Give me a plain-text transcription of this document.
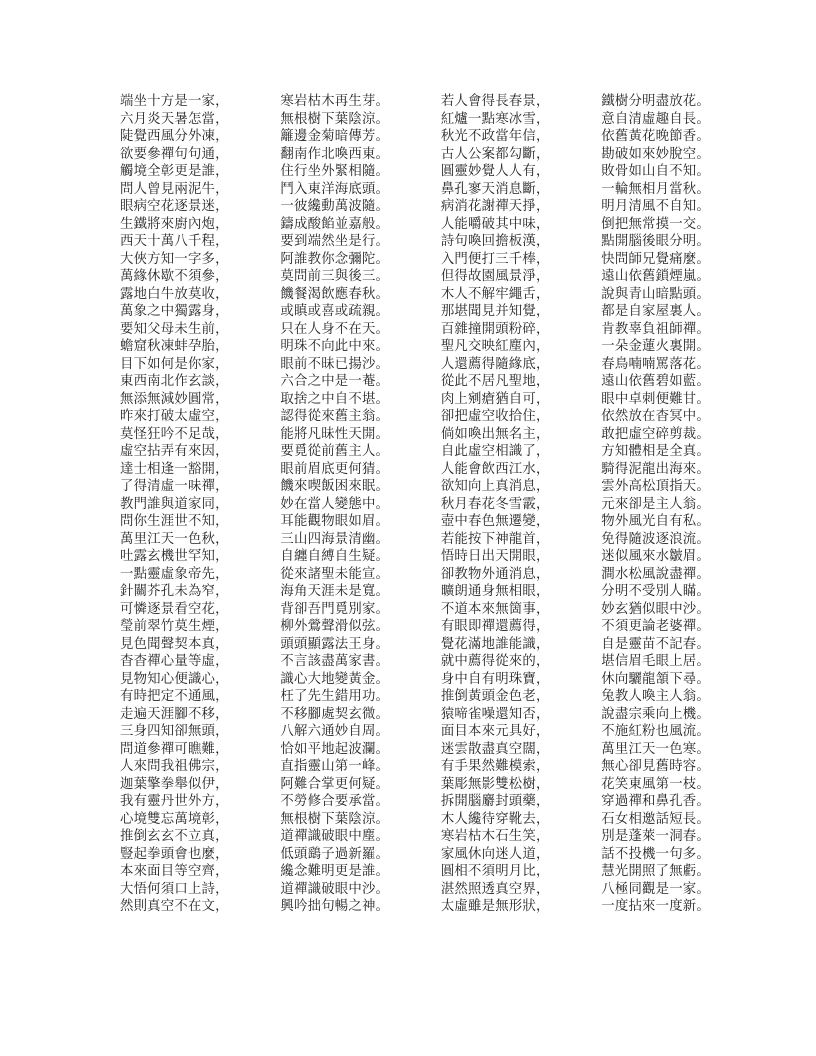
端坐十方是一家，	寒岩枯木再生芽。	若人會得長春景，	鐵樹分明盡放花。
六月炎天暑怎當，	無根樹下葉陰涼。	紅爐一點寒冰雪，	意自清虛趣自長。
陡覺西風分外凍，	籬邊金菊暗傳芳。	秋光不政當年信，	依舊黃花晚節香。
欲要參禪句句通，	翻南作北喚西東。	古人公案都勾斷，	勘破如來妙脫空。
觸境全彰更是誰，	住行坐外緊相隨。	圓靈妙覺人人有，	敗骨如山自不知。
問人曾見兩泥牛，	鬥入東洋海底頭。	鼻孔寥天消息斷，	一輪無相月當秋。
眼病空花逐景迷，	一彼纔動萬波隨。	病消花謝禪天掙，	明月清風不自知。
生鐵將來廚內炮，	鑄成酸餡並嘉般。	人能嚼破其中味，	倒把無常摸一交。
西天十萬八千程，	要到端然坐是行。	詩句喚回擔板漢，	點開腦後眼分明。
大俠方知一字多，	阿誰教你念彌陀。	入門便打三千棒，	快問師兄覺痛麼。
萬緣休歇不須參，	莫問前三與後三。	但得故園風景淨，	遠山依舊鎖煙嵐。
露地白牛放莫收，	饑餐渴飲應春秋。	木人不解牢繩舌，	說與青山暗點頭。
萬象之中獨露身，	或瞋或喜或疏親。	那堪聞見并知覺，	都是自家屋裏人。
要知父母未生前，	只在人身不在天。	百雜撞開頭粉碎，	肯教辜負祖師禪。
蟾窟秋凍蚌孕胎，	明珠不向此中來。	聖凡交映紅塵內，	一朵金蓮火裏開。
目下如何是你家，	眼前不昧已揚沙。	人還薦得隨緣底，	春鳥喃喃罵落花。
東西南北作玄談，	六合之中是一菴。	從此不居凡聖地，	遠山依舊碧如藍。
無添無減妙圓常，	取捨之中自不堪。	肉上剜瘡猶自可，	眼中卓刺便難甘。
昨來打破太虛空，	認得從來舊主翁。	卻把虛空收拾住，	依然放在杳冥中。
莫怪狂吟不足哉，	能將凡昧性天開。	倘如喚出無名主，	敢把虛空碎剪裁。
虛空拈弄有來因，	要覓從前舊主人。	自此虛空相識了，	方知體相是全真。
達士相逢一豁開，	眼前眉底更何猜。	人能會飲西江水，	騎得泥龍出海來。
了得清虛一味禪，	饑來喫飯困來眠。	欲知向上真消息，	雲外高松頂指天。
教門誰與道家同，	妙在當人變態中。	秋月春花冬雪霰，	元來卻是主人翁。
問你生涯世不知，	耳能觀物眼如眉。	壺中春色無遷變，	物外風光自有私。
萬里江天一色秋，	三山四海景清幽。	若能按下神龍首，	免得隨波逐浪流。
吐露玄機世罕知，	自纏自縛自生疑。	悟時日出天開眼，	迷似風來水皺眉。
一點靈虛象帝先，	從來諸聖未能宣。	卻教物外通消息，	澗水松風說盡禪。
針關芥孔未為窄，	海角天涯未是寬。	曠朗通身無相眼，	分明不受別人瞞。
可憐逐景看空花，	背卻吾門覓別家。	不道本來無箇事，	妙玄猶似眼中沙。
瑩前翠竹莫生煙，	柳外鶯聲滑似弦。	有眼即禪還薦得，	不須更論老婆禪。
見色聞聲契本真，	頭頭顯露法王身。	覺花滿地誰能識，	自是靈苗不記春。
杳杳禪心量等虛，	不言該盡萬家書。	就中薦得從來的，	堪信眉毛眼上居。
見物知心便識心，	識心大地變黃金。	身中自有明珠寶，	休向驪龍頷下尋。
有時把定不通風，	枉了先生錯用功。	推倒黃頭金色老，	兔教人喚主人翁。
走遍天涯腳不移，	不移腳處契玄微。	猿啼雀噪還知否，	說盡宗乘向上機。
三身四知卻無頭，	八解六通妙自周。	面目本來元具好，	不施紅粉也風流。
問道參禪可瞧難，	恰如平地起波瀾。	迷雲散盡真空闊，	萬里江天一色寒。
人來問我祖佛宗，	直指靈山第一峰。	有手果然難模索，	無心卻見舊時容。
迦葉擎拳舉似伊，	阿難合掌更何疑。	葉彫無影雙松樹，	花笑東風第一枝。
我有靈丹世外方，	不勞修合要承當。	拆開腦麝封頭藥，	穿過禪和鼻孔香。
心境雙忘萬境彰，	無根樹下葉陰涼。	木人纔待穿靴去，	石女相邀話短長。
推倒玄玄不立真，	道禪識破眼中塵。	寒岩枯木石生笑，	別是蓬萊一洞春。
豎起拳頭會也麼，	低頭鷂子過新羅。	家風休向迷人道，	話不投機一句多。
本來面目等空齊，	纔念難明更是誰。	圓相不須明月比，	慧光開照了無虧。
大悟何須口上詩，	道禪識破眼中沙。	湛然照透真空界，	八極同觀是一家。
然則真空不在文，	興吟拙句暢之神。	太虛雖是無形狀，	一度拈來一度新。
